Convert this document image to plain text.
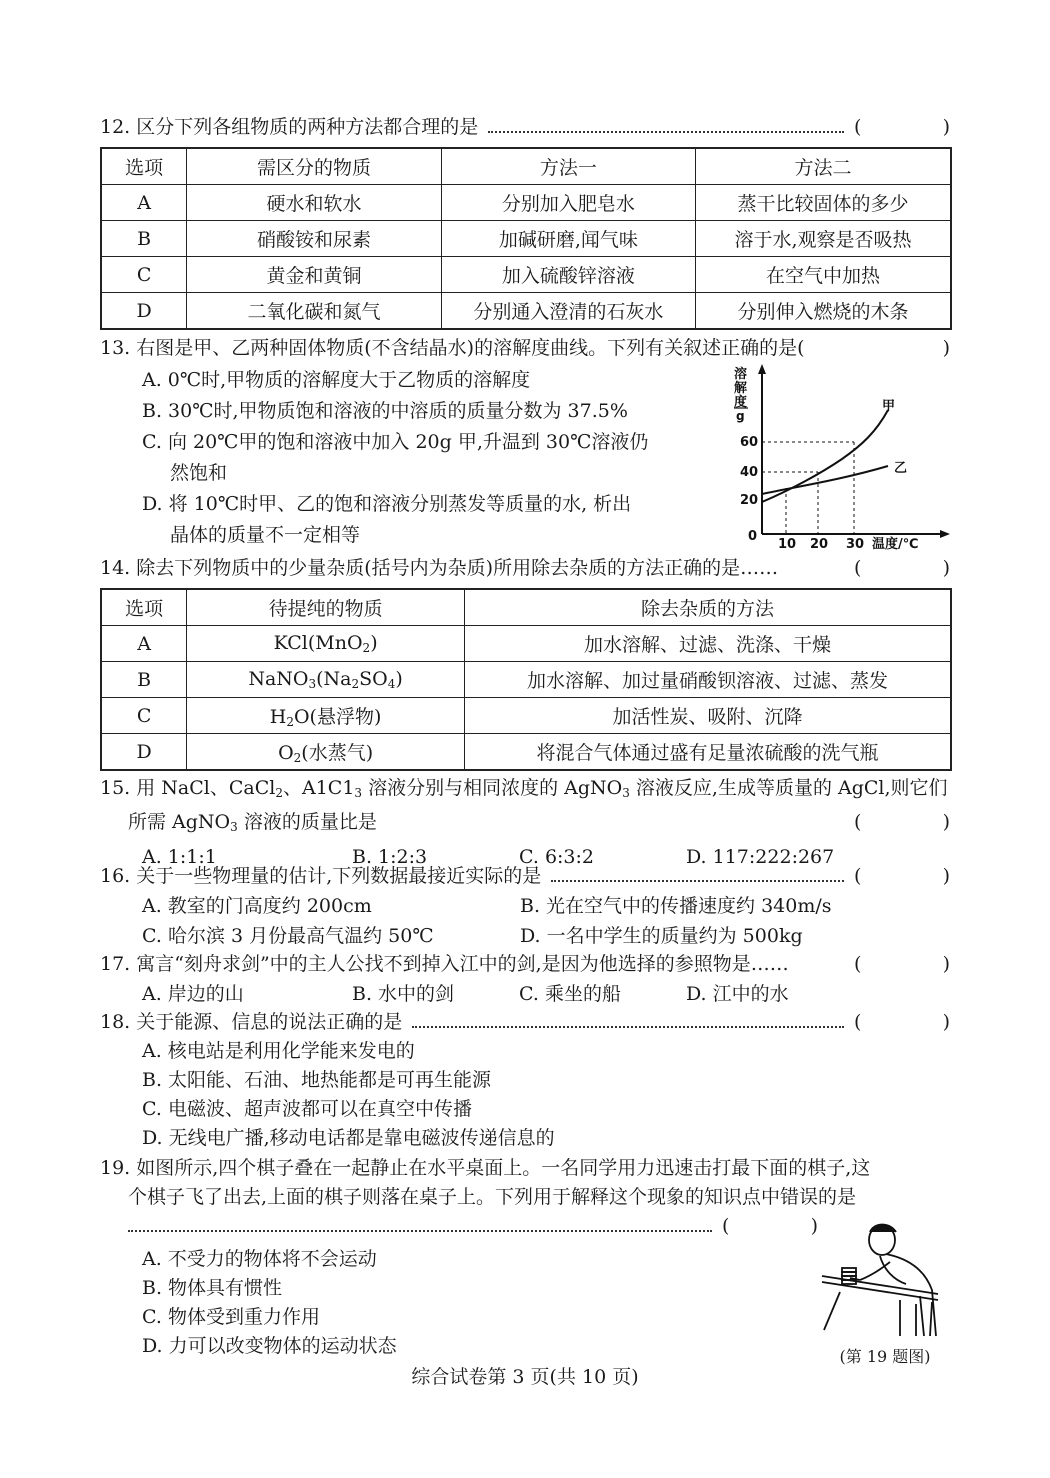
12. 区分下列各组物质的两种方法都合理的是	(	)
选项	需区分的物质	方法一	方法二
A	硬水和软水	分别加入肥皂水	蒸干比较固体的多少
B	硝酸铵和尿素	加碱研磨,闻气味	溶于水,观察是否吸热
C	黄金和黄铜	加入硫酸锌溶液	在空气中加热
D	二氧化碳和氮气	分别通入澄清的石灰水	分别伸入燃烧的木条
13. 右图是甲、乙两种固体物质(不含结晶水)的溶解度曲线。下列有关叙述正确的是(	)
A. 0℃时,甲物质的溶解度大于乙物质的溶解度
B. 30℃时,甲物质饱和溶液的中溶质的质量分数为 37.5%
C. 向 20℃甲的饱和溶液中加入 20g 甲,升温到 30℃溶液仍
然饱和
D. 将 10℃时甲、乙的饱和溶液分别蒸发等质量的水, 析出
晶体的质量不一定相等
溶
解
度
g
60
40
20
0
10 20 30 温度/℃
甲
乙
14. 除去下列物质中的少量杂质(括号内为杂质)所用除去杂质的方法正确的是……	(	)
选项	待提纯的物质	除去杂质的方法
A	KCl(MnO$_2$)	加水溶解、过滤、洗涤、干燥
B	$NaNO_3(Na_2SO_4)$	加水溶解、加过量硝酸钡溶液、过滤、蒸发
C	$H_2O$(悬浮物)	加活性炭、吸附、沉降
D	$O_2$(水蒸气)	将混合气体通过盛有足量浓硫酸的洗气瓶
15. 用 NaCl、CaCl$_2$、$A1C1_3$ 溶液分别与相同浓度的 AgNO$_3$ 溶液反应,生成等质量的 AgCl,则它们
所需 AgNO$_3$ 溶液的质量比是	(	)
A. 1:1:1	B. 1:2:3	C. 6:3:2	D. 117:222:267
16. 关于一些物理量的估计,下列数据最接近实际的是	(	)
A. 教室的门高度约 200cm	B. 光在空气中的传播速度约 340m/s
C. 哈尔滨 3 月份最高气温约 50℃	D. 一名中学生的质量约为 500kg
17. 寓言“刻舟求剑”中的主人公找不到掉入江中的剑,是因为他选择的参照物是……	(	)
A. 岸边的山	B. 水中的剑	C. 乘坐的船	D. 江中的水
18. 关于能源、信息的说法正确的是	(	)
A. 核电站是利用化学能来发电的
B. 太阳能、石油、地热能都是可再生能源
C. 电磁波、超声波都可以在真空中传播
D. 无线电广播,移动电话都是靠电磁波传递信息的
19. 如图所示,四个棋子叠在一起静止在水平桌面上。一名同学用力迅速击打最下面的棋子,这
个棋子飞了出去,上面的棋子则落在桌子上。下列用于解释这个现象的知识点中错误的是
(	)
A. 不受力的物体将不会运动
B. 物体具有惯性
C. 物体受到重力作用
D. 力可以改变物体的运动状态	(第 19 题图)
综合试卷第 3 页(共 10 页)
